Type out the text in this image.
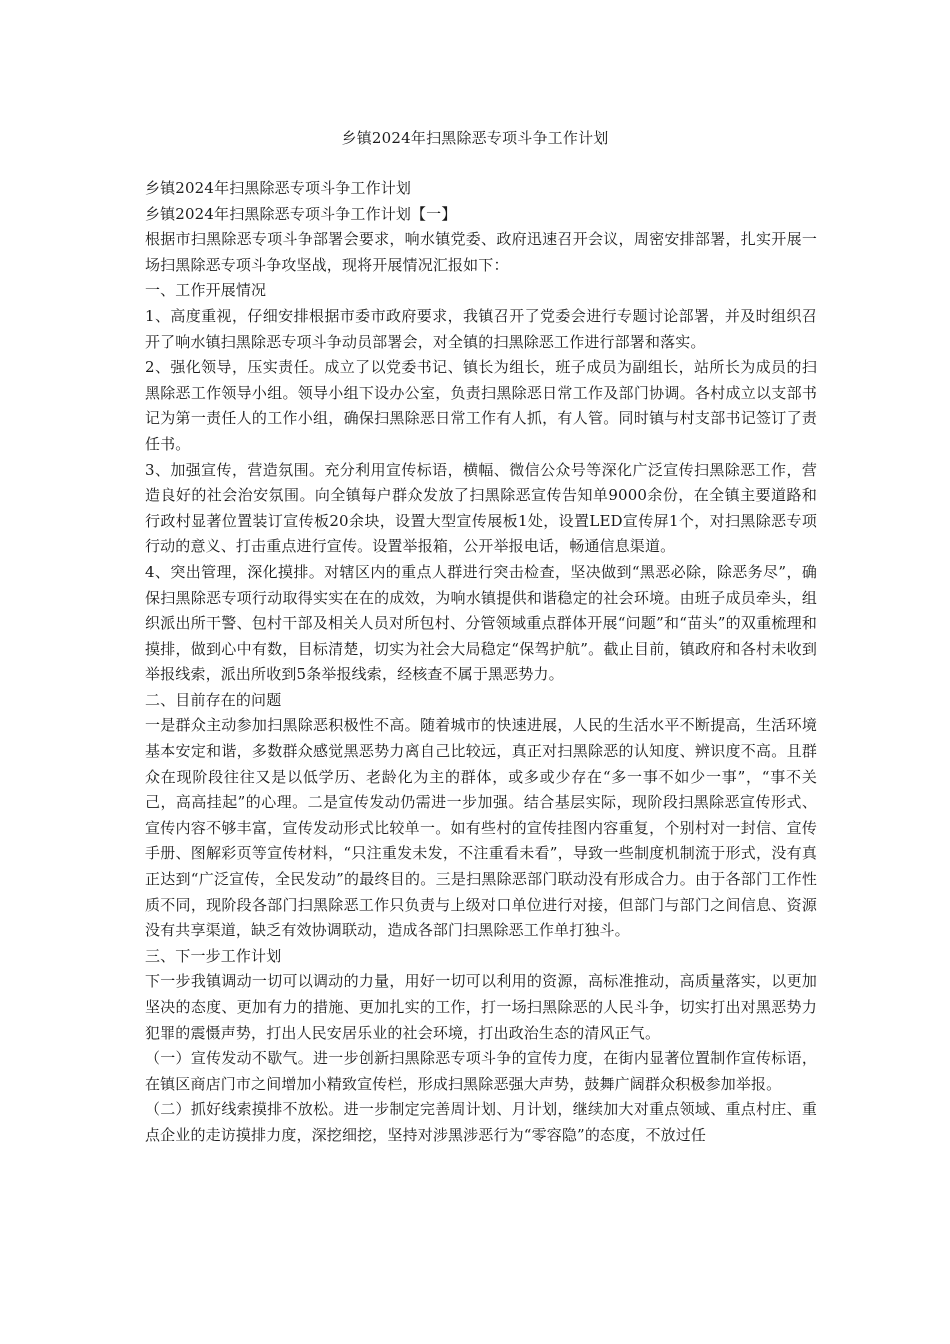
乡镇2024年扫黑除恶专项斗争工作计划

乡镇2024年扫黑除恶专项斗争工作计划

乡镇2024年扫黑除恶专项斗争工作计划【一】

根据市扫黑除恶专项斗争部署会要求，响水镇党委、政府迅速召开会议，周密安排部署，扎实开展一场扫黑除恶专项斗争攻坚战，现将开展情况汇报如下：

一、工作开展情况

1、高度重视，仔细安排根据市委市政府要求，我镇召开了党委会进行专题讨论部署，并及时组织召开了响水镇扫黑除恶专项斗争动员部署会，对全镇的扫黑除恶工作进行部署和落实。

2、强化领导，压实责任。成立了以党委书记、镇长为组长，班子成员为副组长，站所长为成员的扫黑除恶工作领导小组。领导小组下设办公室，负责扫黑除恶日常工作及部门协调。各村成立以支部书记为第一责任人的工作小组，确保扫黑除恶日常工作有人抓，有人管。同时镇与村支部书记签订了责任书。

3、加强宣传，营造氛围。充分利用宣传标语，横幅、微信公众号等深化广泛宣传扫黑除恶工作，营造良好的社会治安氛围。向全镇每户群众发放了扫黑除恶宣传告知单9000余份，在全镇主要道路和行政村显著位置装订宣传板20余块，设置大型宣传展板1处，设置LED宣传屏1个，对扫黑除恶专项行动的意义、打击重点进行宣传。设置举报箱，公开举报电话，畅通信息渠道。

4、突出管理，深化摸排。对辖区内的重点人群进行突击检查，坚决做到“黑恶必除，除恶务尽”，确保扫黑除恶专项行动取得实实在在的成效，为响水镇提供和谐稳定的社会环境。由班子成员牵头，组织派出所干警、包村干部及相关人员对所包村、分管领域重点群体开展“问题”和“苗头”的双重梳理和摸排，做到心中有数，目标清楚，切实为社会大局稳定“保驾护航”。截止目前，镇政府和各村未收到举报线索，派出所收到5条举报线索，经核查不属于黑恶势力。

二、目前存在的问题

一是群众主动参加扫黑除恶积极性不高。随着城市的快速进展，人民的生活水平不断提高，生活环境基本安定和谐，多数群众感觉黑恶势力离自己比较远，真正对扫黑除恶的认知度、辨识度不高。且群众在现阶段往往又是以低学历、老龄化为主的群体，或多或少存在“多一事不如少一事”，“事不关己，高高挂起”的心理。二是宣传发动仍需进一步加强。结合基层实际，现阶段扫黑除恶宣传形式、宣传内容不够丰富，宣传发动形式比较单一。如有些村的宣传挂图内容重复，个别村对一封信、宣传手册、图解彩页等宣传材料，“只注重发未发，不注重看未看”，导致一些制度机制流于形式，没有真正达到“广泛宣传，全民发动”的最终目的。三是扫黑除恶部门联动没有形成合力。由于各部门工作性质不同，现阶段各部门扫黑除恶工作只负责与上级对口单位进行对接，但部门与部门之间信息、资源没有共享渠道，缺乏有效协调联动，造成各部门扫黑除恶工作单打独斗。

三、下一步工作计划

下一步我镇调动一切可以调动的力量，用好一切可以利用的资源，高标准推动，高质量落实，以更加坚决的态度、更加有力的措施、更加扎实的工作，打一场扫黑除恶的人民斗争，切实打出对黑恶势力犯罪的震慑声势，打出人民安居乐业的社会环境，打出政治生态的清风正气。

（一）宣传发动不歇气。进一步创新扫黑除恶专项斗争的宣传力度，在街内显著位置制作宣传标语，在镇区商店门市之间增加小精致宣传栏，形成扫黑除恶强大声势，鼓舞广阔群众积极参加举报。

（二）抓好线索摸排不放松。进一步制定完善周计划、月计划，继续加大对重点领域、重点村庄、重点企业的走访摸排力度，深挖细挖，坚持对涉黑涉恶行为“零容隐”的态度，不放过任
